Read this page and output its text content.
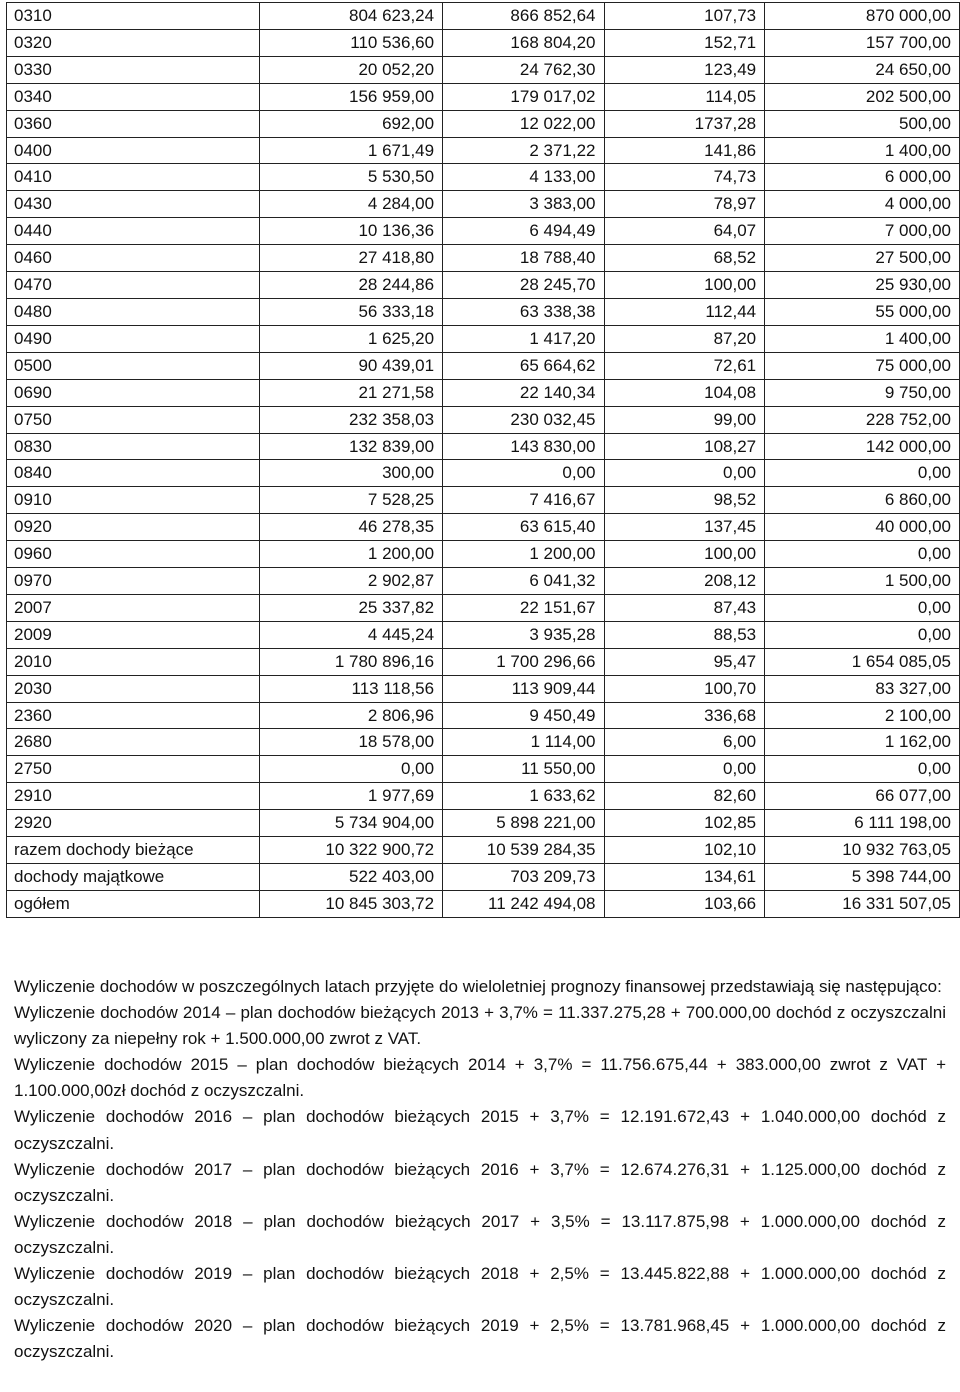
0310	804 623,24	866 852,64	107,73	870 000,00
0320	110 536,60	168 804,20	152,71	157 700,00
0330	20 052,20	24 762,30	123,49	24 650,00
0340	156 959,00	179 017,02	114,05	202 500,00
0360	692,00	12 022,00	1737,28	500,00
0400	1 671,49	2 371,22	141,86	1 400,00
0410	5 530,50	4 133,00	74,73	6 000,00
0430	4 284,00	3 383,00	78,97	4 000,00
0440	10 136,36	6 494,49	64,07	7 000,00
0460	27 418,80	18 788,40	68,52	27 500,00
0470	28 244,86	28 245,70	100,00	25 930,00
0480	56 333,18	63 338,38	112,44	55 000,00
0490	1 625,20	1 417,20	87,20	1 400,00
0500	90 439,01	65 664,62	72,61	75 000,00
0690	21 271,58	22 140,34	104,08	9 750,00
0750	232 358,03	230 032,45	99,00	228 752,00
0830	132 839,00	143 830,00	108,27	142 000,00
0840	300,00	0,00	0,00	0,00
0910	7 528,25	7 416,67	98,52	6 860,00
0920	46 278,35	63 615,40	137,45	40 000,00
0960	1 200,00	1 200,00	100,00	0,00
0970	2 902,87	6 041,32	208,12	1 500,00
2007	25 337,82	22 151,67	87,43	0,00
2009	4 445,24	3 935,28	88,53	0,00
2010	1 780 896,16	1 700 296,66	95,47	1 654 085,05
2030	113 118,56	113 909,44	100,70	83 327,00
2360	2 806,96	9 450,49	336,68	2 100,00
2680	18 578,00	1 114,00	6,00	1 162,00
2750	0,00	11 550,00	0,00	0,00
2910	1 977,69	1 633,62	82,60	66 077,00
2920	5 734 904,00	5 898 221,00	102,85	6 111 198,00
razem dochody bieżące	10 322 900,72	10 539 284,35	102,10	10 932 763,05
dochody majątkowe	522 403,00	703 209,73	134,61	5 398 744,00
ogółem	10 845 303,72	11 242 494,08	103,66	16 331 507,05

Wyliczenie dochodów w poszczególnych latach przyjęte do wieloletniej prognozy finansowej przedstawiają się następująco:

Wyliczenie dochodów 2014 – plan dochodów bieżących 2013 + 3,7% = 11.337.275,28 + 700.000,00 dochód z oczyszczalni wyliczony za niepełny rok + 1.500.000,00 zwrot z VAT.

Wyliczenie dochodów 2015 – plan dochodów bieżących 2014 + 3,7% = 11.756.675,44 + 383.000,00 zwrot z VAT + 1.100.000,00zł dochód z oczyszczalni.

Wyliczenie dochodów 2016 – plan dochodów bieżących 2015 + 3,7% = 12.191.672,43 + 1.040.000,00 dochód z oczyszczalni.

Wyliczenie dochodów 2017 – plan dochodów bieżących 2016 + 3,7% = 12.674.276,31 + 1.125.000,00 dochód z oczyszczalni.

Wyliczenie dochodów 2018 – plan dochodów bieżących 2017 + 3,5% = 13.117.875,98 + 1.000.000,00 dochód z oczyszczalni.

Wyliczenie dochodów 2019 – plan dochodów bieżących 2018 + 2,5% = 13.445.822,88 + 1.000.000,00 dochód z oczyszczalni.

Wyliczenie dochodów 2020 – plan dochodów bieżących 2019 + 2,5% = 13.781.968,45 + 1.000.000,00 dochód z oczyszczalni.
